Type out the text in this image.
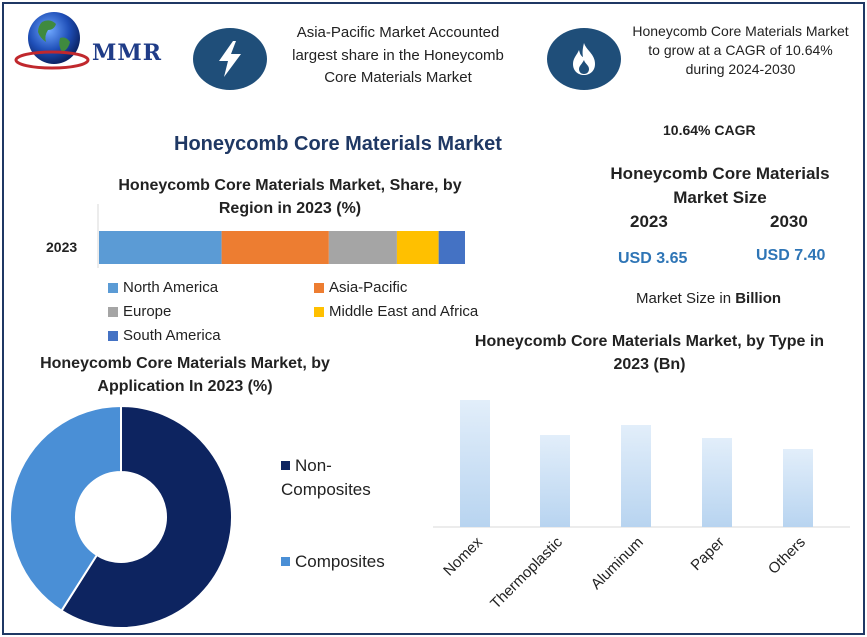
MMR
Asia-Pacific Market Accounted largest share in the Honeycomb Core Materials Market
Honeycomb Core Materials Market to grow at a CAGR of 10.64% during 2024-2030
Honeycomb Core Materials Market
10.64% CAGR
Honeycomb Core Materials Market Size
2023	2030
USD 3.65	USD 7.40
Market Size in Billion
Honeycomb Core Materials Market, Share, by Region in 2023 (%)
2023
North America	Asia-Pacific
Europe	Middle East and Africa
South America
Honeycomb Core Materials Market, by Application In 2023 (%)
Non-Composites
Composites
Honeycomb Core Materials Market, by Type in 2023 (Bn)
Nomex Thermoplastic Aluminum	Paper Others
